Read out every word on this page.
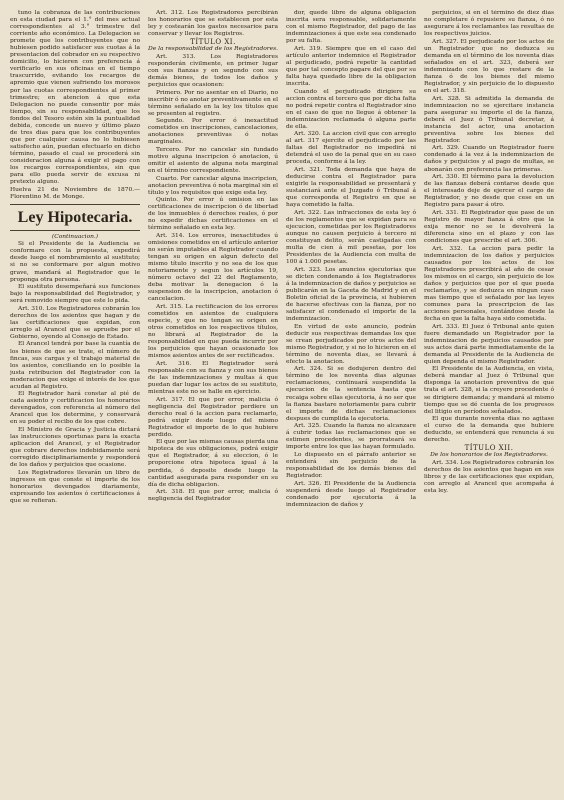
tuno la cobranza de las contribuciones en esta ciudad para el 1.° del mes actual correspondientes al 3.° trimestre del corriente año económico. La Delegacion se promete que los contribuyentes que no hubiesen podido satisfacer sus cuotas á la presentacion del cobrador en su respectivo domicilio, lo hicieren con preferencia á verificarlo en sus oficinas en el tiempo trascurrido, evitando los recargos de apremio que vienen sufriendo los morosos por las cuotas correspondientes al primer trimestre; en atencion á que esta Delegacion no puede consentir por más tiempo, sin su responsabilidad, que los fondos del Tesoro estén sin la puntualidad debida, concede un nuevo y último plazo de tres dias para que los contribuyentes que por cualquier causa no lo hubiesen satisfecho aún, puedan efectuarlo en dicho término, pasado el cual se procederá sin consideracion alguna á exigir el pago con los recargos correspondientes, sin que para ello pueda servir de excusa ni pretexto alguno.

Huelva 21 de Noviembre de 1870.—Florentino M. de Monge.

Ley Hipotecaria.

(Continuacion.)

Si el Presidente de la Audiencia se conformare con la propuesta, expedirá desde luego el nombramiento al sustituto; si no se conformare por algun motivo grave, mandará al Registrador que le proponga otra persona.

El sustituto desempeñará sus funciones bajo la responsabilidad del Registrador, y será removido siempre que este lo pida.

Art. 310. Los Registradores cobrarán los derechos de los asientos que hagan y de las certificaciones que expidan, con arreglo al Arancel que se apruebe por el Gobierno, oyendo al Consejo de Estado.

El Arancel tendrá por base la cuantía de los bienes de que se trate, el número de fincas, sus cargas y el trabajo material de los asientos, conciliando en lo posible la justa retribucion del Registrador con la moderacion que exige el interés de los que acudan al Registro.

El Registrador hará constar al pié de cada asiento y certificacion los honorarios devengados, con referencia al número del Arancel que los determine, y conservará en su poder el recibo de los que cobre.

El Ministro de Gracia y Justicia dictará las instrucciones oportunas para la exacta aplicacion del Arancel, y el Registrador que cobrare derechos indebidamente será corregido disciplinariamente y responderá de los daños y perjuicios que ocasione.

Los Registradores llevarán un libro de ingresos en que conste el importe de los honorarios devengados diariamente, expresando los asientos ó certificaciones á que se refieran.

Art. 312. Los Registradores percibirán los honorarios que se establecen por esta ley y costearán los gastos necesarios para conservar y llevar los Registros.

TÍTULO XI.

De la responsabilidad de los Registradores.

Art. 313. Los Registradores responderán civilmente, en primer lugar con sus fianzas y en segundo con sus demás bienes, de todos los daños y perjuicios que ocasionen:

Primero. Por no asentar en el Diario, no inscribir ó no anotar preventivamente en el término señalado en la ley los títulos que se presenten al registro.

Segundo. Por error ó inexactitud cometidos en inscripciones, cancelaciones, anotaciones preventivas ó notas marginales.

Tercero. Por no cancelar sin fundado motivo alguna inscripcion ó anotacion, ú omitir el asiento de alguna nota marginal en el término correspondiente.

Cuarto. Por cancelar alguna inscripcion, anotacion preventiva ó nota marginal sin el título y los requisitos que exige esta ley.

Quinto. Por error ú omision en las certificaciones de inscripcion ó de libertad de los inmuebles ó derechos reales, ó por no expedir dichas certificaciones en el término señalado en esta ley.

Art. 314. Los errores, inexactitudes ú omisiones cometidos en el artículo anterior no serán imputables al Registrador cuando tengan su origen en algun defecto del mismo título inscrito y no sea de los que notoriamente y segun los artículos 19, número octavo del 22 del Reglamento, deba motivar la denegacion ó la suspension de la inscripcion, anotacion ó cancelacion.

Art. 315. La rectificacion de los errores cometidos en asientos de cualquiera especie, y que no tengan su origen en otros cometidos en los respectivos títulos, no librará al Registrador de la responsabilidad en que pueda incurrir por los perjuicios que hayan ocasionado los mismos asientos antes de ser rectificados.

Art. 316. El Registrador será responsable con su fianza y con sus bienes de las indemnizaciones y multas á que puedan dar lugar los actos de su sustituto, mientras este no se halle en ejercicio.

Art. 317. El que por error, malicia ó negligencia del Registrador perdiere un derecho real ó la accion para reclamarlo, podrá exigir desde luego del mismo Registrador el importe de lo que hubiere perdido.

El que por las mismas causas pierda una hipoteca de sus obligaciones, podrá exigir que el Registrador, á su eleccion, ó le proporcione otra hipoteca igual á la perdida, ó deposite desde luego la cantidad asegurada para responder en su día de dicha obligacion.

Art. 318. El que por error, malicia ó negligencia del Registrador

dor, quede libre de alguna obligacion inscrita sera responsable, solidariamente con el mismo Registrador, del pago de las indemnizaciones á que este sea condenado por su falta.

Art. 319. Siempre que en el caso del artículo anterior indemnice el Registrador al perjudicado, podrá repetir la cantidad que por tal concepto pagare del que por su falta haya quedado libre de la obligacion inscrita.

Cuando el perjudicado dirigiere su accion contra el tercero que por dicha falta no podrá repetir contra el Registrador sino en el caso de que no llegue á obtener la indemnizacion reclamada ó alguna parte de ella.

Art. 320. La accion civil que con arreglo al art. 317 ejercite el perjudicado por las faltas del Registrador no impedirá ni detendrá el uso de la penal que en su caso proceda, conforme á la ley.

Art. 321. Toda demanda que haya de deducirse contra el Registrador para exigirle la responsabilidad se presentará y sustanciará ante el Juzgado ó Tribunal á que corresponda el Registro en que se haya cometido la falta.

Art. 322. Las infracciones de esta ley ó de los reglamentos que se expidan para su ejecucion, cometidas por los Registradores aunque no causen perjuicio á tercero ni constituyan delito, serán castigadas con multa de cien á mil pesetas, por los Presidentes de la Audiencia con multa de 100 á 1.000 pesetas.

Art. 323. Los anuncios ejecutorias que se dicten condenando á los Registradores á la indemnizacion de daños y perjuicios se publicarán en la Gaceta de Madrid y en el Boletin oficial de la provincia, si hubieren de hacerse efectivas con la fianza, por no satisfacer el condenado el importe de la indemnizacion.

En virtud de este anuncio, podrán deducir sus respectivas demandas los que se crean perjudicados por otros actos del mismo Registrador, y si no lo hicieren en el término de noventa dias, se llevará á efecto la anotacion.

Art. 324. Si se dedujeren dentro del término de los noventa dias algunas reclamaciones, continuará suspendida la ejecucion de la sentencia hasta que recaiga sobre ellas ejecutoria, á no ser que la fianza bastare notoriamente para cubrir el importe de dichas reclamaciones despues de cumplida la ejecutoria.

Art. 325. Cuando la fianza no alcanzare á cubrir todas las reclamaciones que se estimen procedentes, se prorrateará su importe entre los que las hayan formulado.

Lo dispuesto en el párrafo anterior se entenderá sin perjuicio de la responsabilidad de los demás bienes del Registrador.

Art. 326. El Presidente de la Audiencia suspenderá desde luego al Registrador condenado por ejecutoria á la indemnizacion de daños y

perjuicios, si en el término de diez dias no completare ó repusiere su fianza, ó no asegurare á los reclamantes las resultas de los respectivos juicios.

Art. 327. El perjudicado por los actos de un Registrador que no deduzca su demanda en el término de los noventa dias señalados en el art. 323, deberá ser indemnizado con lo que restare de la fianza ó de los bienes del mismo Registrador, y sin perjuicio de lo dispuesto en el art. 318.

Art. 328. Si admitida la demanda de indemnizacion no se ejercitare instancia para asegurar su importe el de la fianza, deberá el Juez ó Tribunal decretar, á instancia del actor, una anotacion preventiva sobre los bienes del Registrador.

Art. 329. Cuando un Registrador fuere condenado á la vez á la indemnizacion de daños y perjuicios y al pago de multas, se abonarán con preferencia las primeras.

Art. 330. El término para la devolucion de las fianzas deberá contarse desde que el interesado deje de ejercer el cargo de Registrador, y no desde que cese en un Registro para pasar á otro.

Art. 331. El Registrador que pase de un Registro de mayor fianza á otro que la exija menor no se le devolverá la diferencia sino en el plazo y con las condiciones que prescribe el art. 306.

Art. 332. La accion para pedir la indemnizacion de los daños y perjuicios causados por los actos de los Registradores prescribirá al año de cesar los mismos en el cargo, sin perjuicio de los daños y perjuicios que por el que pueda reclamarlos, y se deduzca en ningun caso mas tiempo que el señalado por las leyes comunes para la prescripcion de las acciones personales, contándose desde la fecha en que la falta haya sido cometida.

Art. 333. El Juez ó Tribunal ante quien fuere demandado un Registrador por la indemnizacion de perjuicios causados por sus actos dará parte inmediatamente de la demanda al Presidente de la Audiencia de quien dependa el mismo Registrador.

El Presidente de la Audiencia, en vista, deberá mandar al Juez ó Tribunal que disponga la anotacion preventiva de que trata el art. 328, si la creyere procedente ó se dirigiere demanda; y mandará al mismo tiempo que se dé cuenta de los progresos del litigio en períodos señalados.

El que durante noventa dias no agitase el curso de la demanda que hubiere deducido, se entenderá que renuncia á su derecho.

TÍTULO XII.

De los honorarios de los Registradores.

Art. 334. Los Registradores cobrarán los derechos de los asientos que hagan en sus libros y de las certificaciones que expidan, con arreglo al Arancel que acompaña á esta ley.
